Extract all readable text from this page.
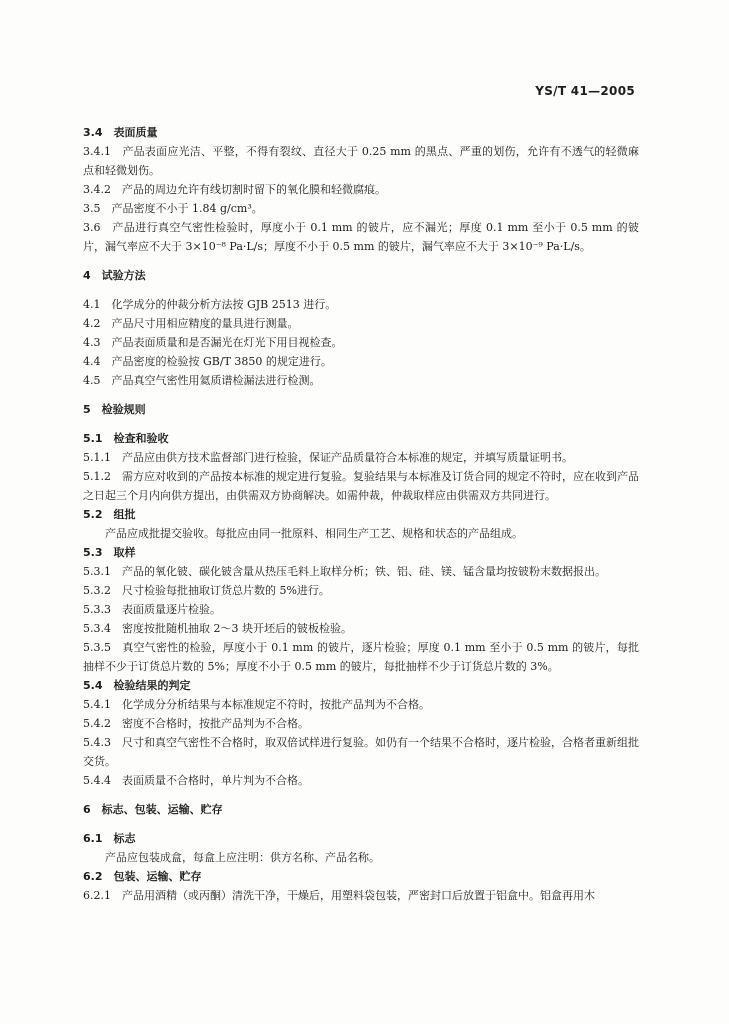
YS/T 41—2005

3.4　表面质量

3.4.1　产品表面应光洁、平整，不得有裂纹、直径大于 0.25 mm 的黑点、严重的划伤，允许有不透气的轻微麻点和轻微划伤。

3.4.2　产品的周边允许有线切割时留下的氧化膜和轻微腐痕。

3.5　产品密度不小于 1.84 g/cm³。

3.6　产品进行真空气密性检验时，厚度小于 0.1 mm 的铍片，应不漏光；厚度 0.1 mm 至小于 0.5 mm 的铍片，漏气率应不大于 3×10⁻⁸ Pa·L/s；厚度不小于 0.5 mm 的铍片，漏气率应不大于 3×10⁻⁹ Pa·L/s。

4　试验方法

4.1　化学成分的仲裁分析方法按 GJB 2513 进行。

4.2　产品尺寸用相应精度的量具进行测量。

4.3　产品表面质量和是否漏光在灯光下用目视检查。

4.4　产品密度的检验按 GB/T 3850 的规定进行。

4.5　产品真空气密性用氦质谱检漏法进行检测。

5　检验规则

5.1　检查和验收

5.1.1　产品应由供方技术监督部门进行检验，保证产品质量符合本标准的规定，并填写质量证明书。

5.1.2　需方应对收到的产品按本标准的规定进行复验。复验结果与本标准及订货合同的规定不符时，应在收到产品之日起三个月内向供方提出，由供需双方协商解决。如需仲裁，仲裁取样应由供需双方共同进行。

5.2　组批

产品应成批提交验收。每批应由同一批原料、相同生产工艺、规格和状态的产品组成。

5.3　取样

5.3.1　产品的氧化铍、碳化铍含量从热压毛料上取样分析；铁、铝、硅、镁、锰含量均按铍粉末数据报出。

5.3.2　尺寸检验每批抽取订货总片数的 5%进行。

5.3.3　表面质量逐片检验。

5.3.4　密度按批随机抽取 2～3 块开坯后的铍板检验。

5.3.5　真空气密性的检验，厚度小于 0.1 mm 的铍片，逐片检验；厚度 0.1 mm 至小于 0.5 mm 的铍片，每批抽样不少于订货总片数的 5%；厚度不小于 0.5 mm 的铍片，每批抽样不少于订货总片数的 3%。

5.4　检验结果的判定

5.4.1　化学成分分析结果与本标准规定不符时，按批产品判为不合格。

5.4.2　密度不合格时，按批产品判为不合格。

5.4.3　尺寸和真空气密性不合格时，取双倍试样进行复验。如仍有一个结果不合格时，逐片检验，合格者重新组批交货。

5.4.4　表面质量不合格时，单片判为不合格。

6　标志、包装、运输、贮存

6.1　标志

产品应包装成盒，每盒上应注明：供方名称、产品名称。

6.2　包装、运输、贮存

6.2.1　产品用酒精（或丙酮）清洗干净，干燥后，用塑料袋包装，严密封口后放置于铝盒中。铝盒再用木
